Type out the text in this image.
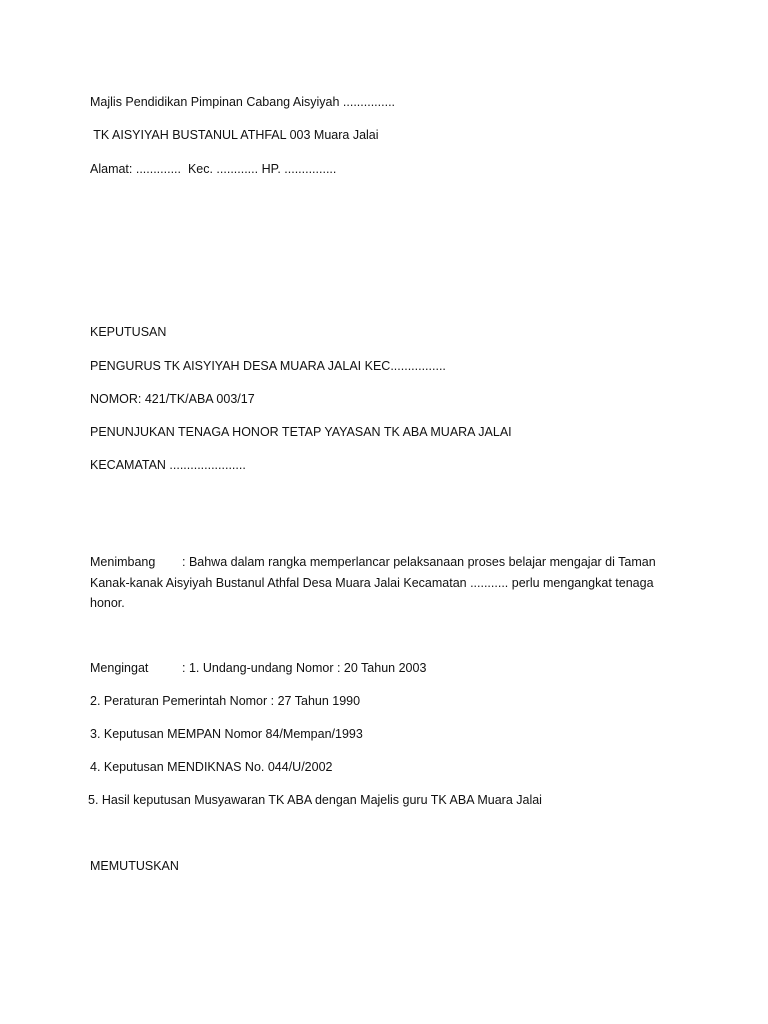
Majlis Pendidikan Pimpinan Cabang Aisyiyah ...............
TK AISYIYAH BUSTANUL ATHFAL 003 Muara Jalai
Alamat: .............  Kec. ............ HP. ...............
KEPUTUSAN
PENGURUS TK AISYIYAH DESA MUARA JALAI KEC................
NOMOR: 421/TK/ABA 003/17
PENUNJUKAN TENAGA HONOR TETAP YAYASAN TK ABA MUARA JALAI
KECAMATAN ......................
Menimbang : Bahwa dalam rangka memperlancar pelaksanaan proses belajar mengajar di Taman Kanak-kanak Aisyiyah Bustanul Athfal Desa Muara Jalai Kecamatan ........... perlu mengangkat tenaga honor.
Mengingat	: 1. Undang-undang Nomor : 20 Tahun 2003
2. Peraturan Pemerintah Nomor : 27 Tahun 1990
3. Keputusan MEMPAN Nomor 84/Mempan/1993
4. Keputusan MENDIKNAS No. 044/U/2002
5. Hasil keputusan Musyawaran TK ABA dengan Majelis guru TK ABA Muara Jalai
MEMUTUSKAN
